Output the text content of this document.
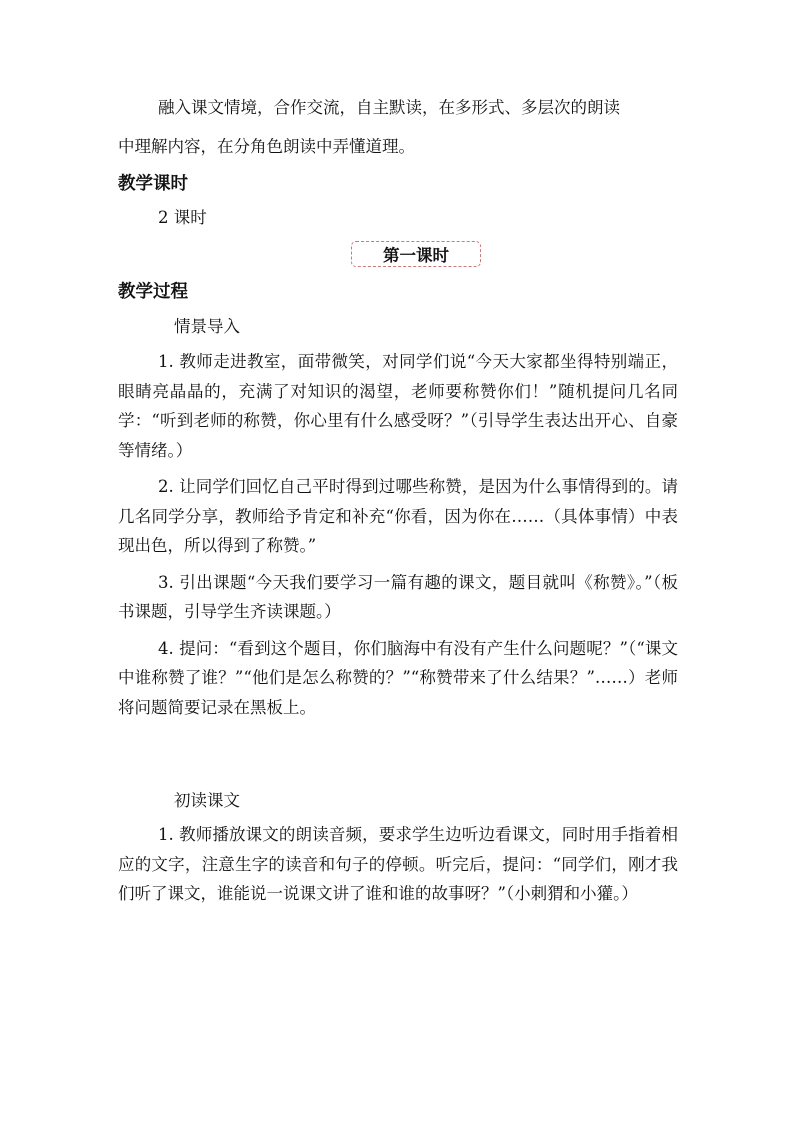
融入课文情境，合作交流，自主默读，在多形式、多层次的朗读
中理解内容，在分角色朗读中弄懂道理。
教学课时
2 课时
第一课时
教学过程
情景导入

1. 教师走进教室，面带微笑，对同学们说“今天大家都坐得特别端正，眼睛亮晶晶的，充满了对知识的渴望，老师要称赞你们！”随机提问几名同学：“听到老师的称赞，你心里有什么感受呀？”（引导学生表达出开心、自豪等情绪。）

2. 让同学们回忆自己平时得到过哪些称赞，是因为什么事情得到的。请几名同学分享，教师给予肯定和补充“你看，因为你在……（具体事情）中表现出色，所以得到了称赞。”

3. 引出课题“今天我们要学习一篇有趣的课文，题目就叫《称赞》。”（板书课题，引导学生齐读课题。）

4. 提问：“看到这个题目，你们脑海中有没有产生什么问题呢？”（“课文中谁称赞了谁？”“他们是怎么称赞的？”“称赞带来了什么结果？”……）老师将问题简要记录在黑板上。

初读课文

1. 教师播放课文的朗读音频，要求学生边听边看课文，同时用手指着相应的文字，注意生字的读音和句子的停顿。听完后，提问：“同学们，刚才我们听了课文，谁能说一说课文讲了谁和谁的故事呀？”（小刺猬和小獾。）
